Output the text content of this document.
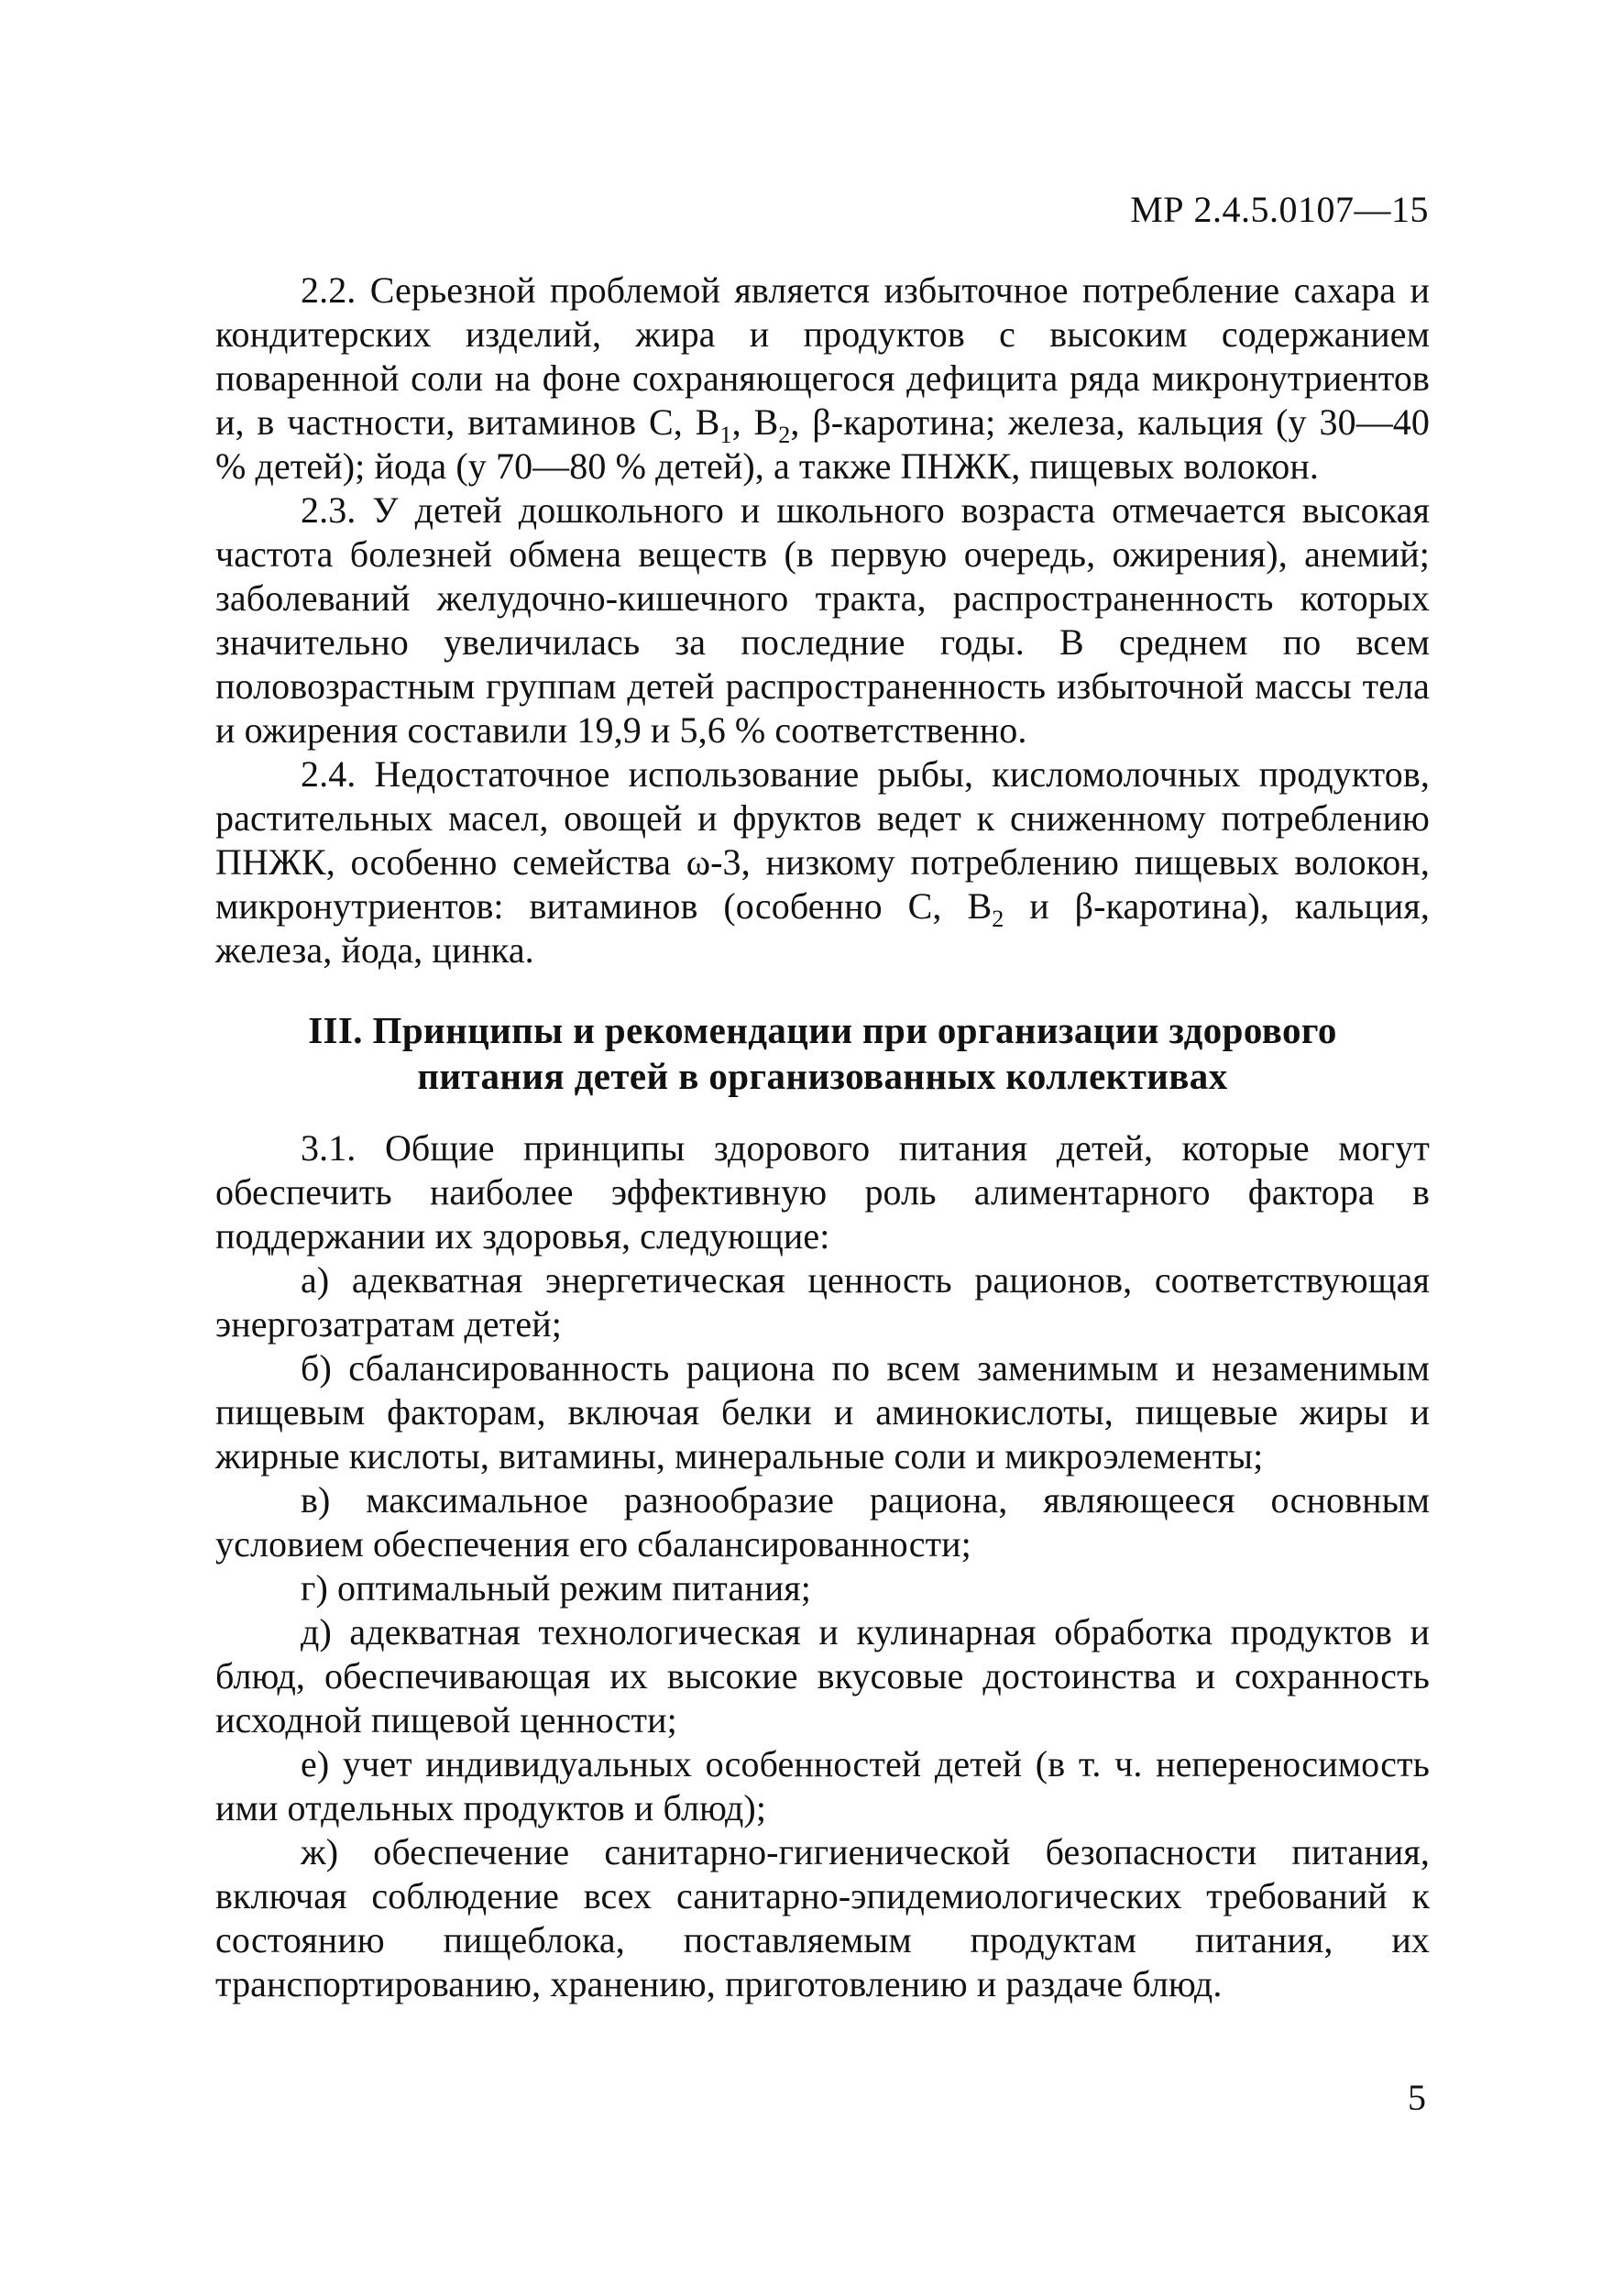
МР 2.4.5.0107—15

2.2. Серьезной проблемой является избыточное потребление сахара и кондитерских изделий, жира и продуктов с высоким содержанием поваренной соли на фоне сохраняющегося дефицита ряда микронутриентов и, в частности, витаминов С, $В_1$, $В_2$, β-каротина; железа, кальция (у 30—40 % детей); йода (у 70—80 % детей), а также ПНЖК, пищевых волокон.

2.3. У детей дошкольного и школьного возраста отмечается высокая частота болезней обмена веществ (в первую очередь, ожирения), анемий; заболеваний желудочно-кишечного тракта, распространенность которых значительно увеличилась за последние годы. В среднем по всем половозрастным группам детей распространенность избыточной массы тела и ожирения составили 19,9 и 5,6 % соответственно.

2.4. Недостаточное использование рыбы, кисломолочных продуктов, растительных масел, овощей и фруктов ведет к сниженному потреблению ПНЖК, особенно семейства ω-3, низкому потреблению пищевых волокон, микронутриентов: витаминов (особенно С, $В_2$ и β-каротина), кальция, железа, йода, цинка.

III. Принципы и рекомендации при организации здорового
питания детей в организованных коллективах

3.1. Общие принципы здорового питания детей, которые могут обеспечить наиболее эффективную роль алиментарного фактора в поддержании их здоровья, следующие:

а) адекватная энергетическая ценность рационов, соответствующая энергозатратам детей;

б) сбалансированность рациона по всем заменимым и незаменимым пищевым факторам, включая белки и аминокислоты, пищевые жиры и жирные кислоты, витамины, минеральные соли и микроэлементы;

в) максимальное разнообразие рациона, являющееся основным условием обеспечения его сбалансированности;

г) оптимальный режим питания;

д) адекватная технологическая и кулинарная обработка продуктов и блюд, обеспечивающая их высокие вкусовые достоинства и сохранность исходной пищевой ценности;

е) учет индивидуальных особенностей детей (в т. ч. непереносимость ими отдельных продуктов и блюд);

ж) обеспечение санитарно-гигиенической безопасности питания, включая соблюдение всех санитарно-эпидемиологических требований к состоянию пищеблока, поставляемым продуктам питания, их транспортированию, хранению, приготовлению и раздаче блюд.

5
